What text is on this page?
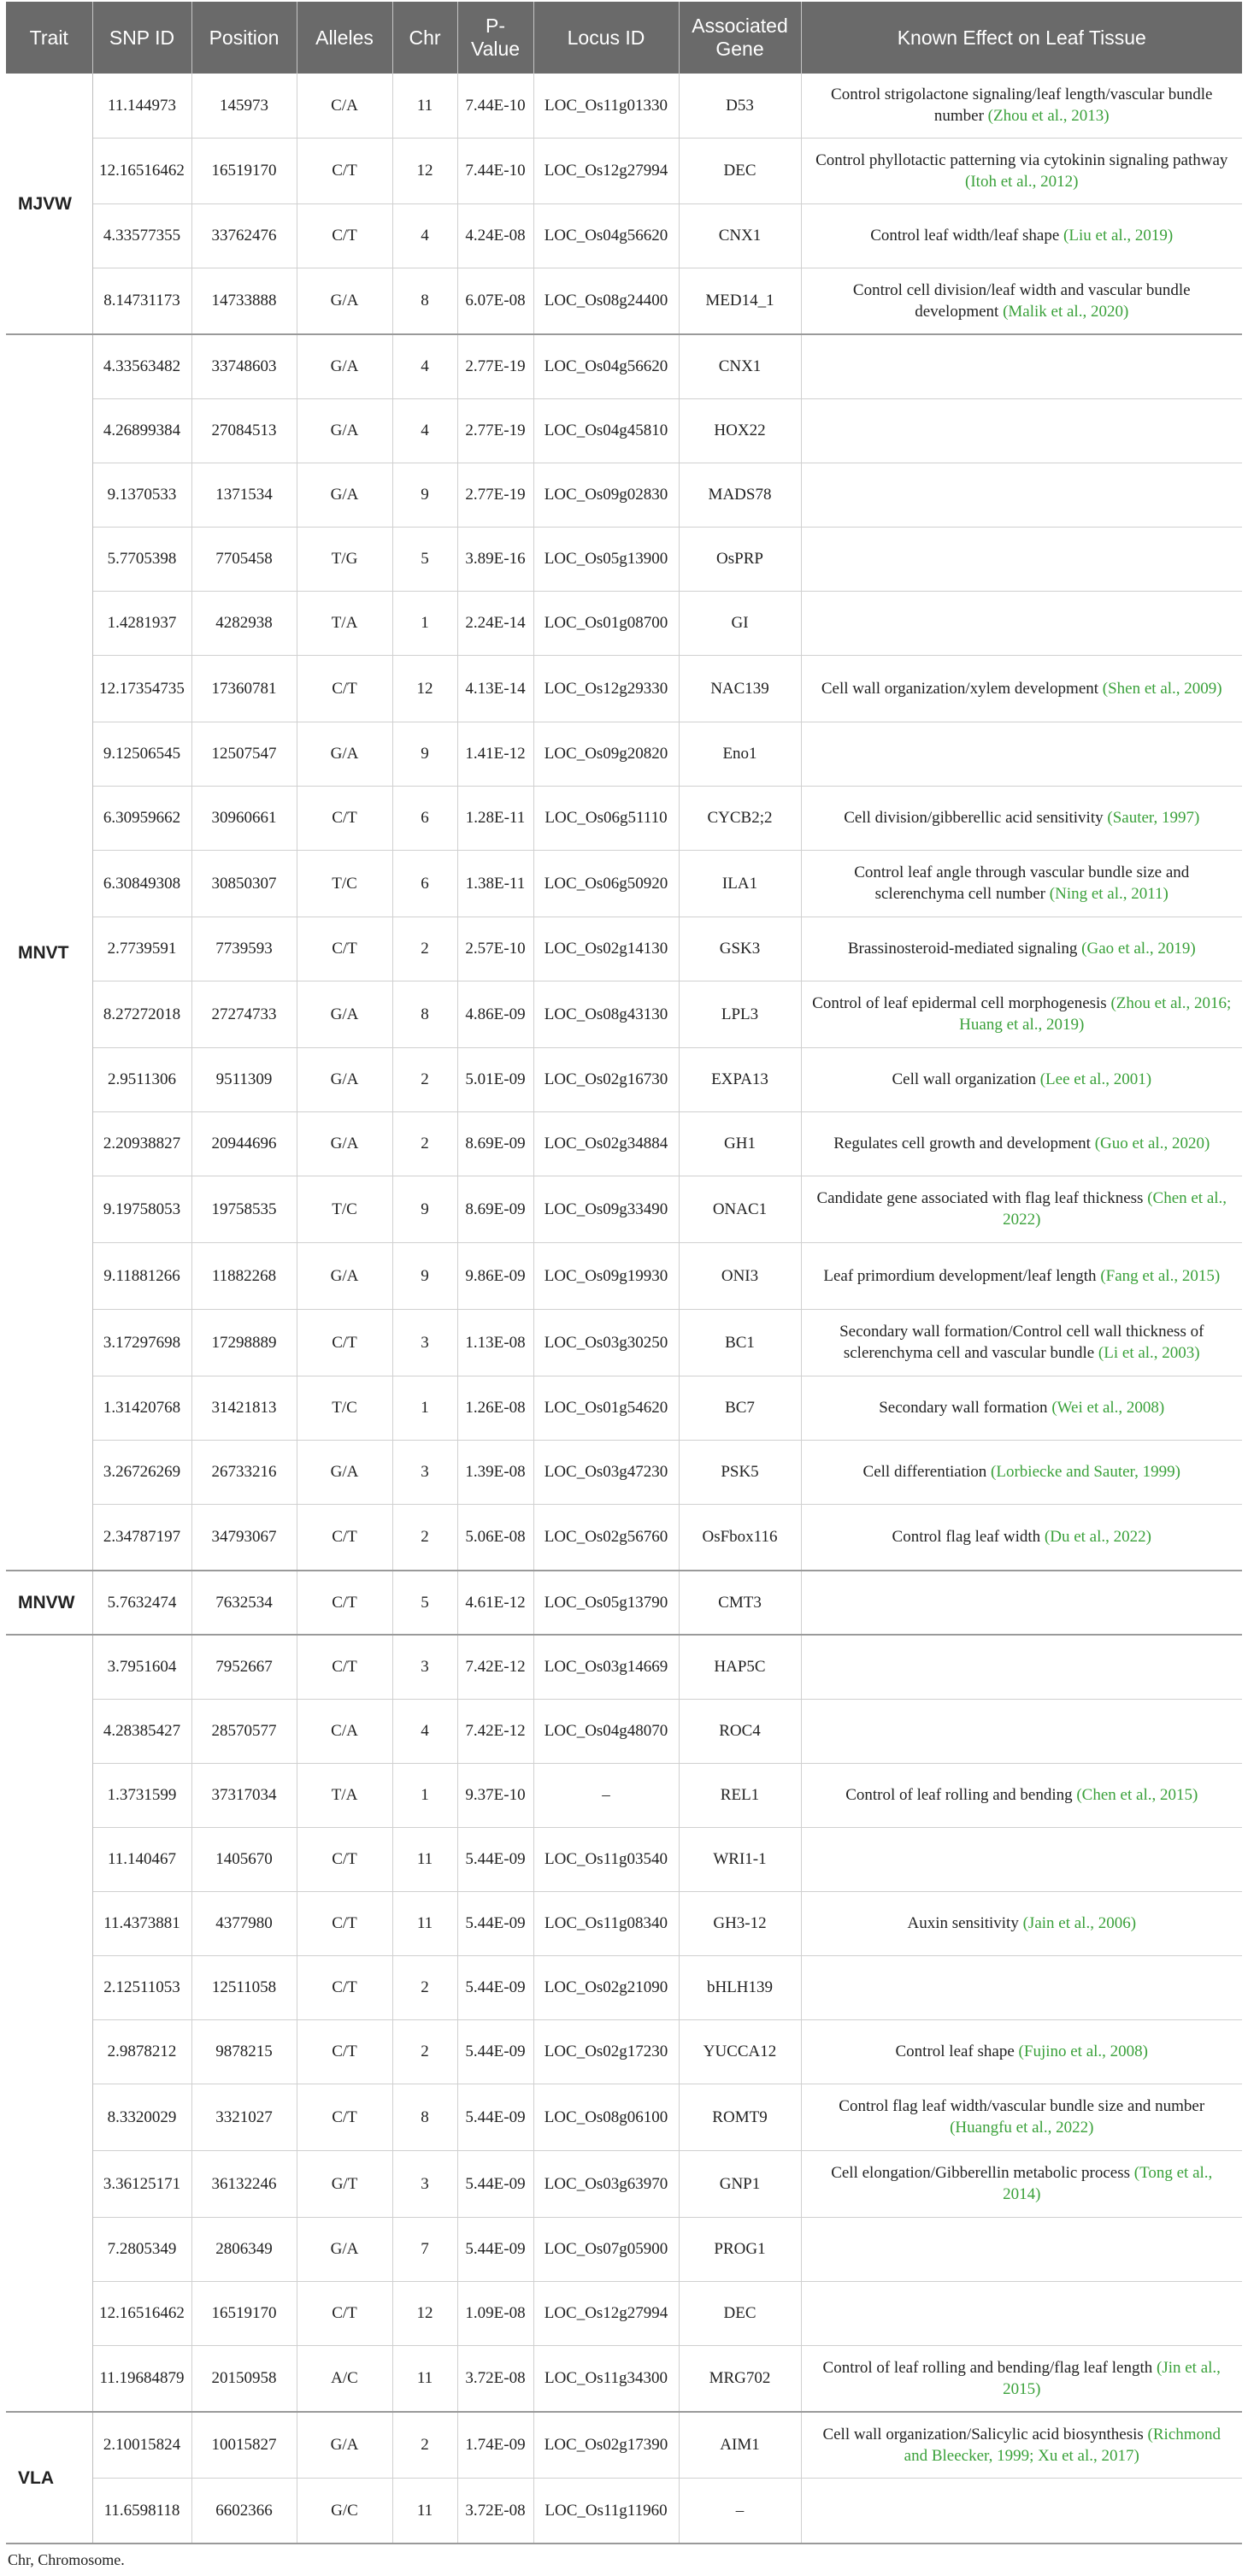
Trait	SNP ID	Position	Alleles	Chr	P-Value	Locus ID	Associated Gene	Known Effect on Leaf Tissue
MJVW	11.144973	145973	C/A	11	7.44E-10	LOC_Os11g01330	D53	Control strigolactone signaling/leaf length/vascular bundle number (Zhou et al., 2013)
	12.16516462	16519170	C/T	12	7.44E-10	LOC_Os12g27994	DEC	Control phyllotactic patterning via cytokinin signaling pathway (Itoh et al., 2012)
	4.33577355	33762476	C/T	4	4.24E-08	LOC_Os04g56620	CNX1	Control leaf width/leaf shape (Liu et al., 2019)
	8.14731173	14733888	G/A	8	6.07E-08	LOC_Os08g24400	MED14_1	Control cell division/leaf width and vascular bundle development (Malik et al., 2020)
MNVT	4.33563482	33748603	G/A	4	2.77E-19	LOC_Os04g56620	CNX1	
	4.26899384	27084513	G/A	4	2.77E-19	LOC_Os04g45810	HOX22	
	9.1370533	1371534	G/A	9	2.77E-19	LOC_Os09g02830	MADS78	
	5.7705398	7705458	T/G	5	3.89E-16	LOC_Os05g13900	OsPRP	
	1.4281937	4282938	T/A	1	2.24E-14	LOC_Os01g08700	GI	
	12.17354735	17360781	C/T	12	4.13E-14	LOC_Os12g29330	NAC139	Cell wall organization/xylem development (Shen et al., 2009)
	9.12506545	12507547	G/A	9	1.41E-12	LOC_Os09g20820	Eno1	
	6.30959662	30960661	C/T	6	1.28E-11	LOC_Os06g51110	CYCB2;2	Cell division/gibberellic acid sensitivity (Sauter, 1997)
	6.30849308	30850307	T/C	6	1.38E-11	LOC_Os06g50920	ILA1	Control leaf angle through vascular bundle size and sclerenchyma cell number (Ning et al., 2011)
	2.7739591	7739593	C/T	2	2.57E-10	LOC_Os02g14130	GSK3	Brassinosteroid-mediated signaling (Gao et al., 2019)
	8.27272018	27274733	G/A	8	4.86E-09	LOC_Os08g43130	LPL3	Control of leaf epidermal cell morphogenesis (Zhou et al., 2016; Huang et al., 2019)
	2.9511306	9511309	G/A	2	5.01E-09	LOC_Os02g16730	EXPA13	Cell wall organization (Lee et al., 2001)
	2.20938827	20944696	G/A	2	8.69E-09	LOC_Os02g34884	GH1	Regulates cell growth and development (Guo et al., 2020)
	9.19758053	19758535	T/C	9	8.69E-09	LOC_Os09g33490	ONAC1	Candidate gene associated with flag leaf thickness (Chen et al., 2022)
	9.11881266	11882268	G/A	9	9.86E-09	LOC_Os09g19930	ONI3	Leaf primordium development/leaf length (Fang et al., 2015)
	3.17297698	17298889	C/T	3	1.13E-08	LOC_Os03g30250	BC1	Secondary wall formation/Control cell wall thickness of sclerenchyma cell and vascular bundle (Li et al., 2003)
	1.31420768	31421813	T/C	1	1.26E-08	LOC_Os01g54620	BC7	Secondary wall formation (Wei et al., 2008)
	3.26726269	26733216	G/A	3	1.39E-08	LOC_Os03g47230	PSK5	Cell differentiation (Lorbiecke and Sauter, 1999)
	2.34787197	34793067	C/T	2	5.06E-08	LOC_Os02g56760	OsFbox116	Control flag leaf width (Du et al., 2022)
MNVW	5.7632474	7632534	C/T	5	4.61E-12	LOC_Os05g13790	CMT3	
	3.7951604	7952667	C/T	3	7.42E-12	LOC_Os03g14669	HAP5C	
	4.28385427	28570577	C/A	4	7.42E-12	LOC_Os04g48070	ROC4	
	1.3731599	37317034	T/A	1	9.37E-10	–	REL1	Control of leaf rolling and bending (Chen et al., 2015)
	11.140467	1405670	C/T	11	5.44E-09	LOC_Os11g03540	WRI1-1	
	11.4373881	4377980	C/T	11	5.44E-09	LOC_Os11g08340	GH3-12	Auxin sensitivity (Jain et al., 2006)
	2.12511053	12511058	C/T	2	5.44E-09	LOC_Os02g21090	bHLH139	
	2.9878212	9878215	C/T	2	5.44E-09	LOC_Os02g17230	YUCCA12	Control leaf shape (Fujino et al., 2008)
	8.3320029	3321027	C/T	8	5.44E-09	LOC_Os08g06100	ROMT9	Control flag leaf width/vascular bundle size and number (Huangfu et al., 2022)
	3.36125171	36132246	G/T	3	5.44E-09	LOC_Os03g63970	GNP1	Cell elongation/Gibberellin metabolic process (Tong et al., 2014)
	7.2805349	2806349	G/A	7	5.44E-09	LOC_Os07g05900	PROG1	
	12.16516462	16519170	C/T	12	1.09E-08	LOC_Os12g27994	DEC	
	11.19684879	20150958	A/C	11	3.72E-08	LOC_Os11g34300	MRG702	Control of leaf rolling and bending/flag leaf length (Jin et al., 2015)
VLA	2.10015824	10015827	G/A	2	1.74E-09	LOC_Os02g17390	AIM1	Cell wall organization/Salicylic acid biosynthesis (Richmond and Bleecker, 1999; Xu et al., 2017)
	11.6598118	6602366	G/C	11	3.72E-08	LOC_Os11g11960	–	
Chr, Chromosome.
